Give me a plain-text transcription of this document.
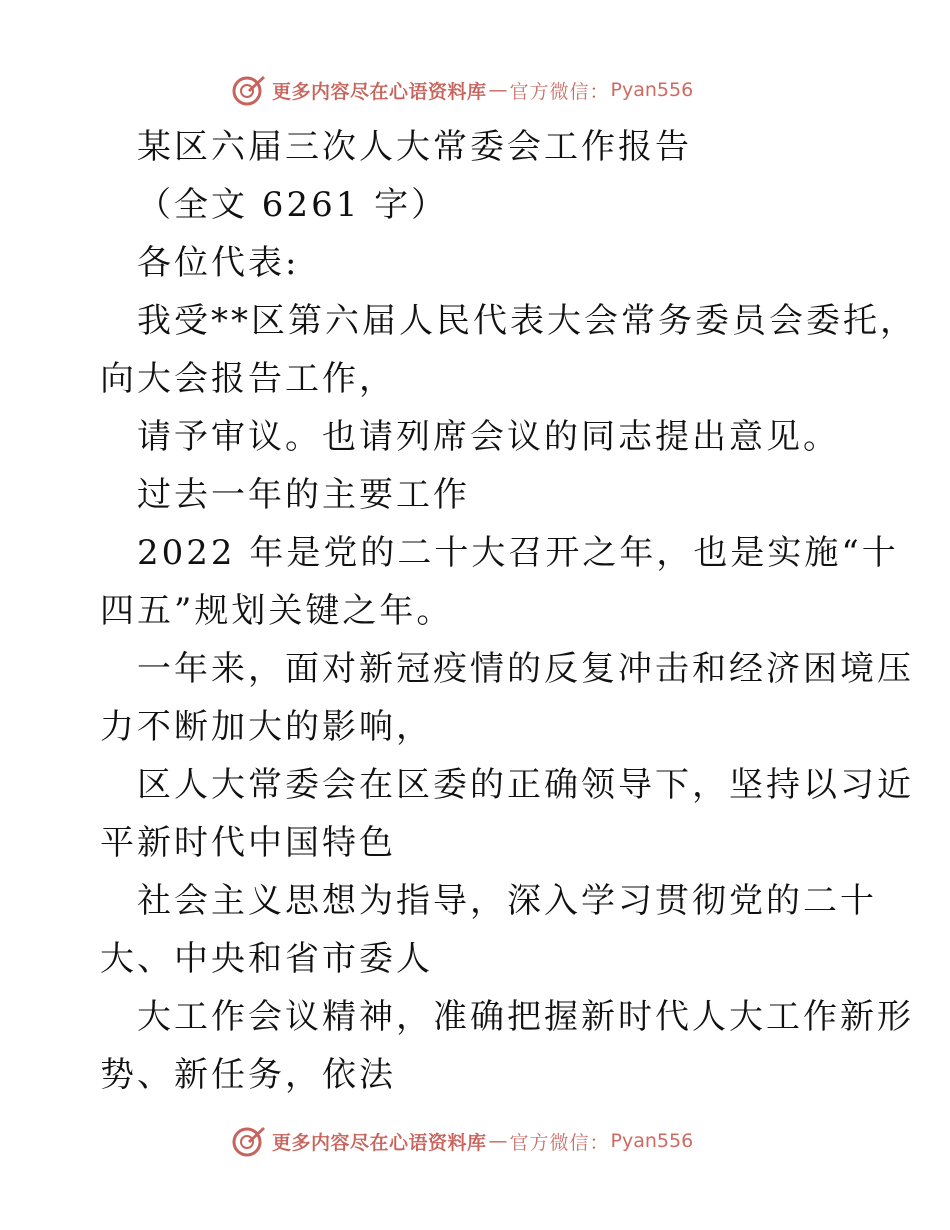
更多内容尽在心语资料库 — 官方微信 ： Pyan556
某区六届三次人大常委会工作报告
（全文 6261 字）
各位代表:
我受**区第六届人民代表大会常务委员会委托，
向大会报告工作，
请予审议。也请列席会议的同志提出意见。
过去一年的主要工作
2022 年是党的二十大召开之年，也是实施“十
四五”规划关键之年。
一年来，面对新冠疫情的反复冲击和经济困境压
力不断加大的影响，
区人大常委会在区委的正确领导下，坚持以习近
平新时代中国特色
社会主义思想为指导，深入学习贯彻党的二十
大、中央和省市委人
大工作会议精神，准确把握新时代人大工作新形
势、新任务，依法
更多内容尽在心语资料库 — 官方微信 ： Pyan556
